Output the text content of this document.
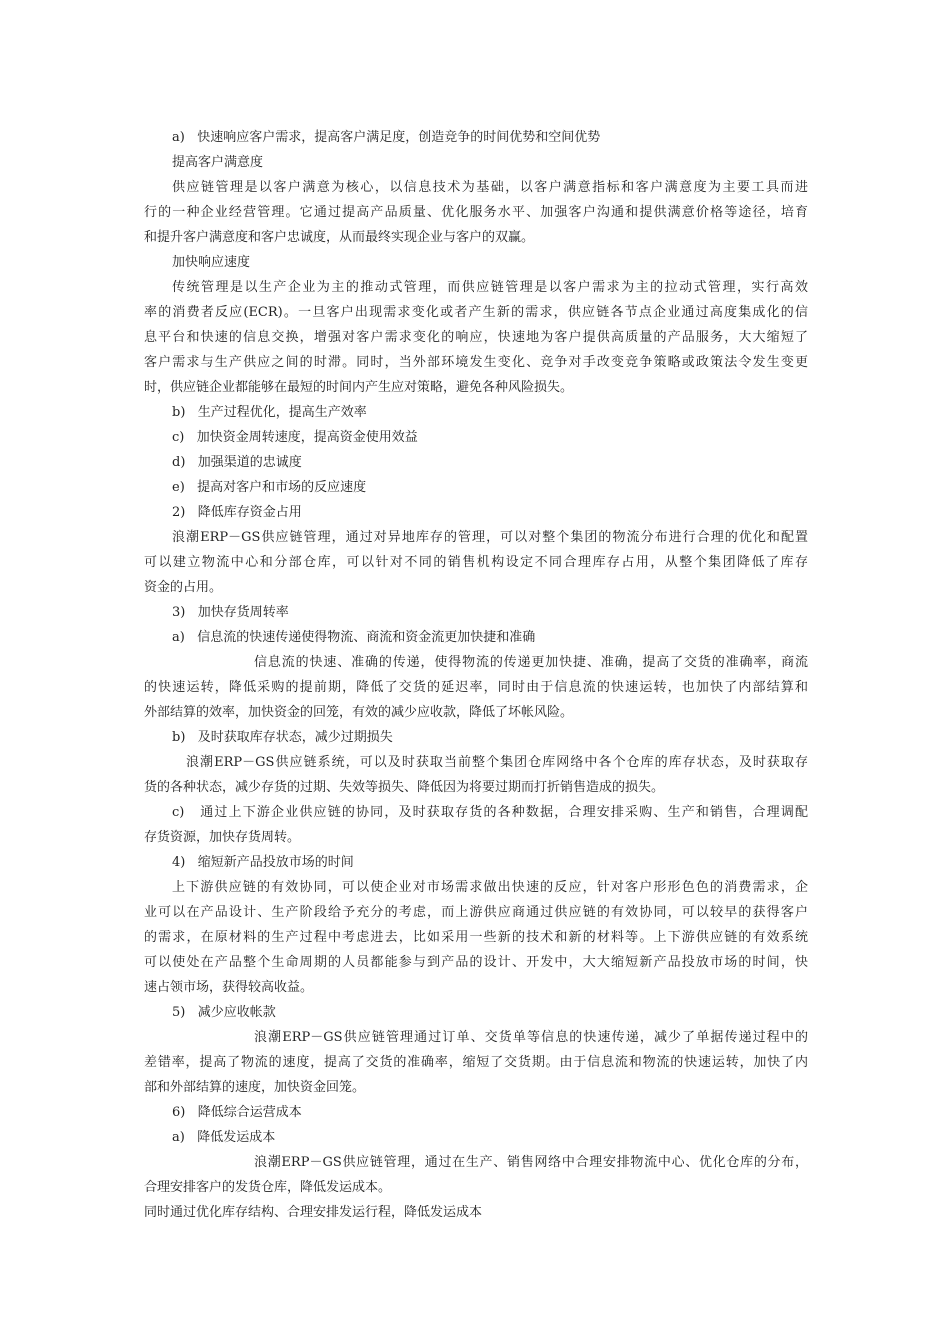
a)   快速响应客户需求，提高客户满足度，创造竞争的时间优势和空间优势
提高客户满意度
供应链管理是以客户满意为核心，以信息技术为基础，以客户满意指标和客户满意度为主要工具而进
行的一种企业经营管理。它通过提高产品质量、优化服务水平、加强客户沟通和提供满意价格等途径，培育
和提升客户满意度和客户忠诚度，从而最终实现企业与客户的双赢。
加快响应速度
传统管理是以生产企业为主的推动式管理，而供应链管理是以客户需求为主的拉动式管理，实行高效
率的消费者反应(ECR)。一旦客户出现需求变化或者产生新的需求，供应链各节点企业通过高度集成化的信
息平台和快速的信息交换，增强对客户需求变化的响应，快速地为客户提供高质量的产品服务，大大缩短了
客户需求与生产供应之间的时滞。同时，当外部环境发生变化、竞争对手改变竞争策略或政策法令发生变更
时，供应链企业都能够在最短的时间内产生应对策略，避免各种风险损失。
b)   生产过程优化，提高生产效率
c)   加快资金周转速度，提高资金使用效益
d)   加强渠道的忠诚度
e)   提高对客户和市场的反应速度
2)   降低库存资金占用
浪潮ERP－GS供应链管理，通过对异地库存的管理，可以对整个集团的物流分布进行合理的优化和配置
可以建立物流中心和分部仓库，可以针对不同的销售机构设定不同合理库存占用，从整个集团降低了库存
资金的占用。
3)   加快存货周转率
a)   信息流的快速传递使得物流、商流和资金流更加快捷和准确
信息流的快速、准确的传递，使得物流的传递更加快捷、准确，提高了交货的准确率，商流
的快速运转，降低采购的提前期，降低了交货的延迟率，同时由于信息流的快速运转，也加快了内部结算和
外部结算的效率，加快资金的回笼，有效的减少应收款，降低了坏帐风险。
b)   及时获取库存状态，减少过期损失
浪潮ERP－GS供应链系统，可以及时获取当前整个集团仓库网络中各个仓库的库存状态，及时获取存
货的各种状态，减少存货的过期、失效等损失、降低因为将要过期而打折销售造成的损失。
c)   通过上下游企业供应链的协同，及时获取存货的各种数据，合理安排采购、生产和销售，合理调配
存货资源，加快存货周转。
4)   缩短新产品投放市场的时间
上下游供应链的有效协同，可以使企业对市场需求做出快速的反应，针对客户形形色色的消费需求，企
业可以在产品设计、生产阶段给予充分的考虑，而上游供应商通过供应链的有效协同，可以较早的获得客户
的需求，在原材料的生产过程中考虑进去，比如采用一些新的技术和新的材料等。上下游供应链的有效系统
可以使处在产品整个生命周期的人员都能参与到产品的设计、开发中，大大缩短新产品投放市场的时间，快
速占领市场，获得较高收益。
5)   减少应收帐款
浪潮ERP－GS供应链管理通过订单、交货单等信息的快速传递，减少了单据传递过程中的
差错率，提高了物流的速度，提高了交货的准确率，缩短了交货期。由于信息流和物流的快速运转，加快了内
部和外部结算的速度，加快资金回笼。
6)   降低综合运营成本
a)   降低发运成本
浪潮ERP－GS供应链管理，通过在生产、销售网络中合理安排物流中心、优化仓库的分布，
合理安排客户的发货仓库，降低发运成本。
同时通过优化库存结构、合理安排发运行程，降低发运成本
